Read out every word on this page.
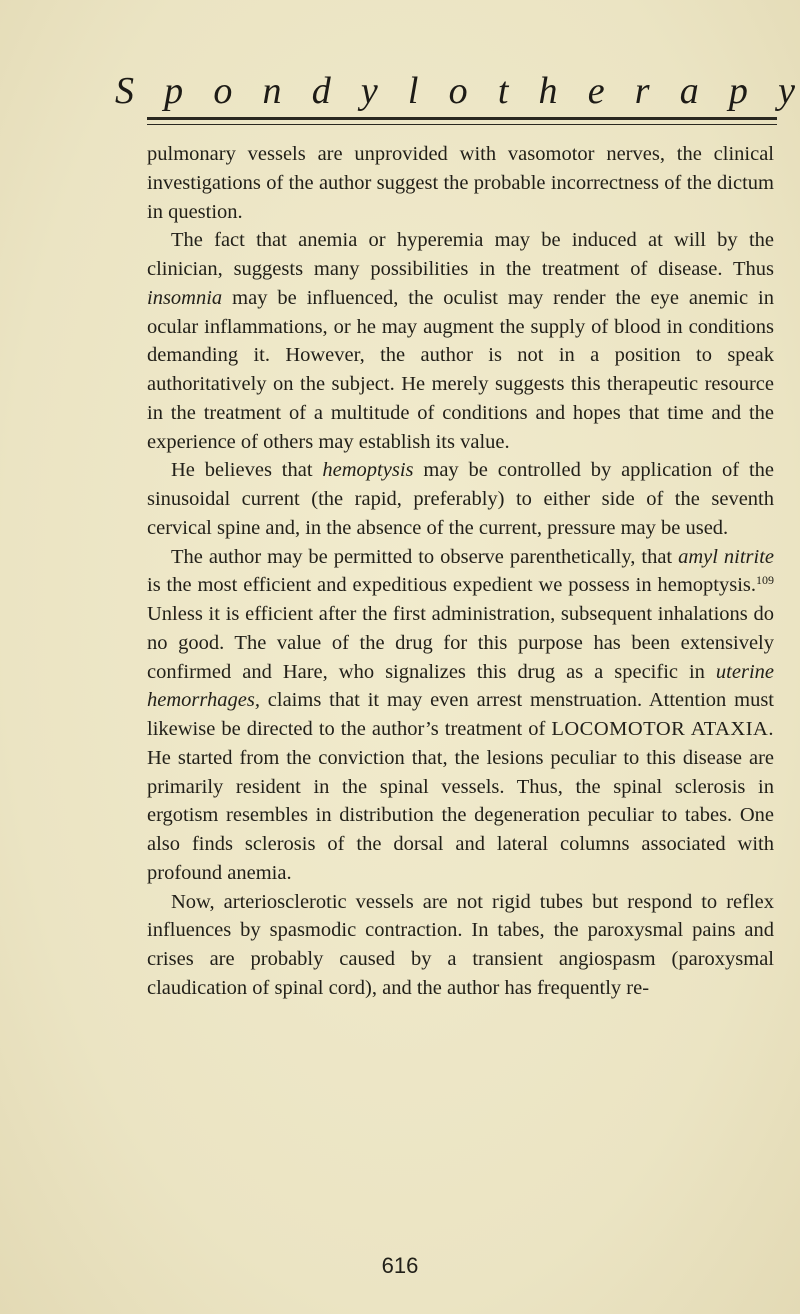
S p o n d y l o t h e r a p y

pulmonary vessels are unprovided with vasomotor nerves, the clinical investigations of the author suggest the probable incorrectness of the dictum in question.

The fact that anemia or hyperemia may be induced at will by the clinician, suggests many possibilities in the treatment of disease. Thus insomnia may be influenced, the oculist may render the eye anemic in ocular inflammations, or he may augment the supply of blood in conditions demanding it. However, the author is not in a position to speak authoritatively on the subject. He merely suggests this therapeutic resource in the treatment of a multitude of conditions and hopes that time and the experience of others may establish its value.

He believes that hemoptysis may be controlled by application of the sinusoidal current (the rapid, preferably) to either side of the seventh cervical spine and, in the absence of the current, pressure may be used.

The author may be permitted to observe parenthetically, that amyl nitrite is the most efficient and expeditious expedient we possess in hemoptysis.$^{109}$ Unless it is efficient after the first administration, subsequent inhalations do no good. The value of the drug for this purpose has been extensively confirmed and Hare, who signalizes this drug as a specific in uterine hemorrhages, claims that it may even arrest menstruation. Attention must likewise be directed to the author’s treatment of LOCOMOTOR ATAXIA. He started from the conviction that, the lesions peculiar to this disease are primarily resident in the spinal vessels. Thus, the spinal sclerosis in ergotism resembles in distribution the degeneration peculiar to tabes. One also finds sclerosis of the dorsal and lateral columns associated with profound anemia.

Now, arteriosclerotic vessels are not rigid tubes but respond to reflex influences by spasmodic contraction. In tabes, the paroxysmal pains and crises are probably caused by a transient angiospasm (paroxysmal claudication of spinal cord), and the author has frequently re-

616
